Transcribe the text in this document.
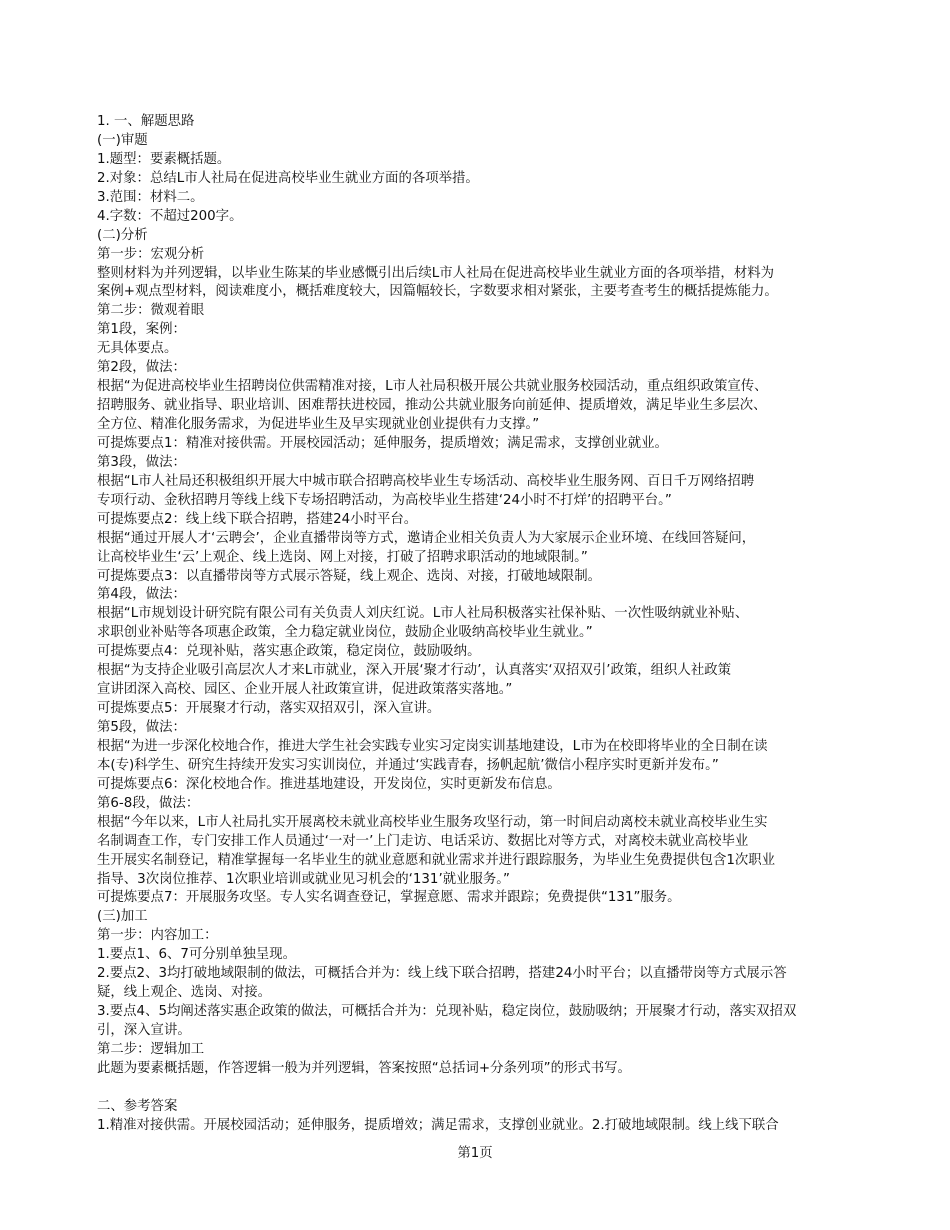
1. 一、解题思路
(一)审题
1.题型：要素概括题。
2.对象：总结L市人社局在促进高校毕业生就业方面的各项举措。
3.范围：材料二。
4.字数：不超过200字。
(二)分析
第一步：宏观分析
整则材料为并列逻辑，以毕业生陈某的毕业感慨引出后续L市人社局在促进高校毕业生就业方面的各项举措，材料为
案例+观点型材料，阅读难度小，概括难度较大，因篇幅较长，字数要求相对紧张，主要考查考生的概括提炼能力。
第二步：微观着眼
第1段，案例：
无具体要点。
第2段，做法：
根据“为促进高校毕业生招聘岗位供需精准对接，L市人社局积极开展公共就业服务校园活动，重点组织政策宣传、
招聘服务、就业指导、职业培训、困难帮扶进校园，推动公共就业服务向前延伸、提质增效，满足毕业生多层次、
全方位、精准化服务需求，为促进毕业生及早实现就业创业提供有力支撑。”
可提炼要点1：精准对接供需。开展校园活动；延伸服务，提质增效；满足需求，支撑创业就业。
第3段，做法：
根据“L市人社局还积极组织开展大中城市联合招聘高校毕业生专场活动、高校毕业生服务网、百日千万网络招聘
专项行动、金秋招聘月等线上线下专场招聘活动，为高校毕业生搭建‘24小时不打烊’的招聘平台。”
可提炼要点2：线上线下联合招聘，搭建24小时平台。
根据“通过开展人才‘云聘会’，企业直播带岗等方式，邀请企业相关负责人为大家展示企业环境、在线回答疑问，
让高校毕业生‘云’上观企、线上选岗、网上对接，打破了招聘求职活动的地域限制。”
可提炼要点3：以直播带岗等方式展示答疑，线上观企、选岗、对接，打破地域限制。
第4段，做法：
根据“L市规划设计研究院有限公司有关负责人刘庆红说。L市人社局积极落实社保补贴、一次性吸纳就业补贴、
求职创业补贴等各项惠企政策，全力稳定就业岗位，鼓励企业吸纳高校毕业生就业。”
可提炼要点4：兑现补贴，落实惠企政策，稳定岗位，鼓励吸纳。
根据“为支持企业吸引高层次人才来L市就业，深入开展‘聚才行动’，认真落实‘双招双引’政策，组织人社政策
宣讲团深入高校、园区、企业开展人社政策宣讲，促进政策落实落地。”
可提炼要点5：开展聚才行动，落实双招双引，深入宣讲。
第5段，做法：
根据“为进一步深化校地合作，推进大学生社会实践专业实习定岗实训基地建设，L市为在校即将毕业的全日制在读
本(专)科学生、研究生持续开发实习实训岗位，并通过‘实践青春，扬帆起航’微信小程序实时更新并发布。”
可提炼要点6：深化校地合作。推进基地建设，开发岗位，实时更新发布信息。
第6-8段，做法：
根据“今年以来，L市人社局扎实开展离校未就业高校毕业生服务攻坚行动，第一时间启动离校未就业高校毕业生实
名制调查工作，专门安排工作人员通过‘一对一’上门走访、电话采访、数据比对等方式，对离校未就业高校毕业
生开展实名制登记，精准掌握每一名毕业生的就业意愿和就业需求并进行跟踪服务，为毕业生免费提供包含1次职业
指导、3次岗位推荐、1次职业培训或就业见习机会的‘131’就业服务。”
可提炼要点7：开展服务攻坚。专人实名调查登记，掌握意愿、需求并跟踪；免费提供“131”服务。
(三)加工
第一步：内容加工：
1.要点1、6、7可分别单独呈现。
2.要点2、3均打破地域限制的做法，可概括合并为：线上线下联合招聘，搭建24小时平台；以直播带岗等方式展示答
疑，线上观企、选岗、对接。
3.要点4、5均阐述落实惠企政策的做法，可概括合并为：兑现补贴，稳定岗位，鼓励吸纳；开展聚才行动，落实双招双
引，深入宣讲。
第二步：逻辑加工
此题为要素概括题，作答逻辑一般为并列逻辑，答案按照“总括词+分条列项”的形式书写。
二、参考答案
1.精准对接供需。开展校园活动；延伸服务，提质增效；满足需求，支撑创业就业。2.打破地域限制。线上线下联合
第1页
